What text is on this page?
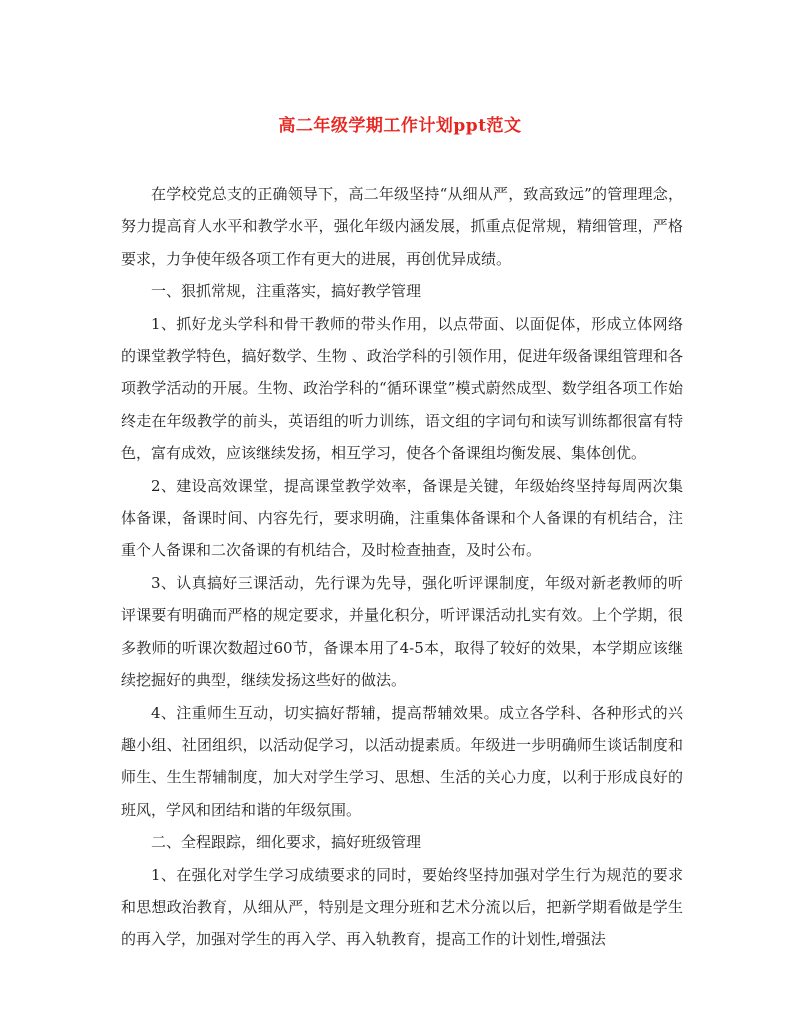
高二年级学期工作计划ppt范文

在学校党总支的正确领导下，高二年级坚持“从细从严，致高致远”的管理理念，努力提高育人水平和教学水平，强化年级内涵发展，抓重点促常规，精细管理，严格要求，力争使年级各项工作有更大的进展，再创优异成绩。

一、狠抓常规，注重落实，搞好教学管理

1、抓好龙头学科和骨干教师的带头作用，以点带面、以面促体，形成立体网络的课堂教学特色，搞好数学、生物 、政治学科的引领作用，促进年级备课组管理和各项教学活动的开展。生物、政治学科的“循环课堂”模式蔚然成型、数学组各项工作始终走在年级教学的前头，英语组的听力训练，语文组的字词句和读写训练都很富有特色，富有成效，应该继续发扬，相互学习，使各个备课组均衡发展、集体创优。

2、建设高效课堂，提高课堂教学效率，备课是关键，年级始终坚持每周两次集体备课，备课时间、内容先行，要求明确，注重集体备课和个人备课的有机结合，注重个人备课和二次备课的有机结合，及时检查抽查，及时公布。

3、认真搞好三课活动，先行课为先导，强化听评课制度，年级对新老教师的听评课要有明确而严格的规定要求，并量化积分，听评课活动扎实有效。上个学期，很多教师的听课次数超过60节，备课本用了4-5本，取得了较好的效果，本学期应该继续挖掘好的典型，继续发扬这些好的做法。

4、注重师生互动，切实搞好帮辅，提高帮辅效果。成立各学科、各种形式的兴趣小组、社团组织，以活动促学习，以活动提素质。年级进一步明确师生谈话制度和师生、生生帮辅制度，加大对学生学习、思想、生活的关心力度，以利于形成良好的班风，学风和团结和谐的年级氛围。

二、全程跟踪，细化要求，搞好班级管理

1、在强化对学生学习成绩要求的同时，要始终坚持加强对学生行为规范的要求和思想政治教育，从细从严，特别是文理分班和艺术分流以后，把新学期看做是学生的再入学，加强对学生的再入学、再入轨教育，提高工作的计划性,增强法
